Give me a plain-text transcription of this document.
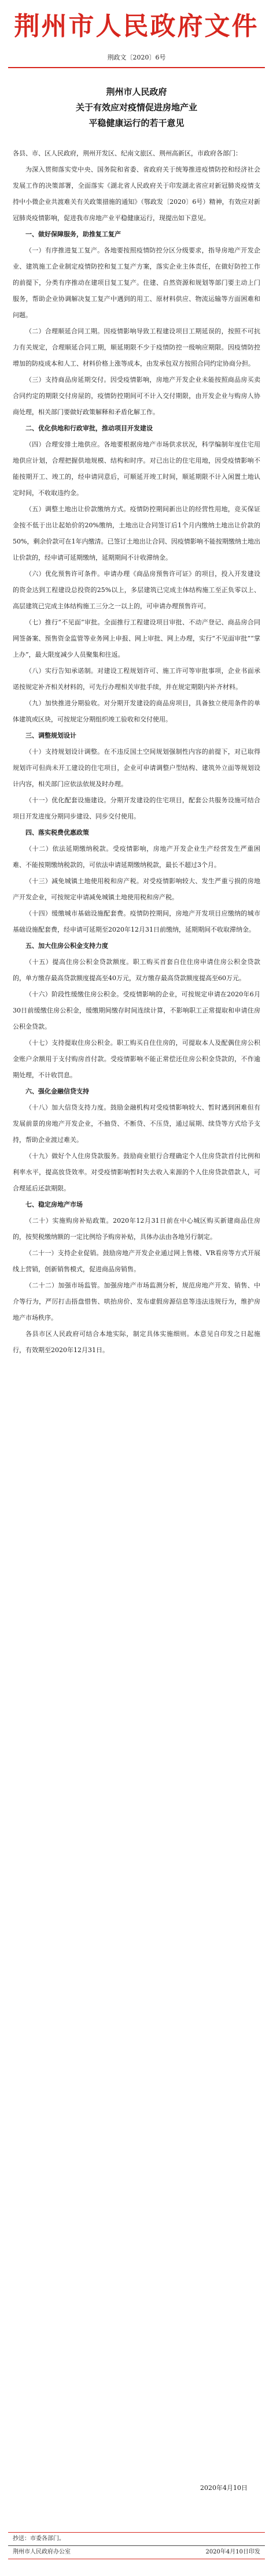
荆州市人民政府文件
荆政文〔2020〕6号
荆州市人民政府
关于有效应对疫情促进房地产业
平稳健康运行的若干意见

各县、市、区人民政府，荆州开发区、纪南文旅区、荆州高新区，市政府各部门：

为深入贯彻落实党中央、国务院和省委、省政府关于统筹推进疫情防控和经济社会发展工作的决策部署，全面落实《湖北省人民政府关于印发湖北省应对新冠肺炎疫情支持中小微企业共渡难关有关政策措施的通知》（鄂政发〔2020〕6号）精神，有效应对新冠肺炎疫情影响，促进我市房地产业平稳健康运行，现提出如下意见。

一、做好保障服务，助推复工复产

（一）有序推进复工复产。各地要按照疫情防控分区分级要求，指导房地产开发企业、建筑施工企业制定疫情防控和复工复产方案，落实企业主体责任，在做好防控工作的前提下，分类有序推动在建项目复工复产。住建、自然资源和规划等部门要主动上门服务，帮助企业协调解决复工复产中遇到的用工、原材料供应、物流运输等方面困难和问题。

（二）合理顺延合同工期。因疫情影响导致工程建设项目工期延误的，按照不可抗力有关规定，合理顺延合同工期，顺延期限不少于疫情防控一级响应期限。因疫情防控增加的防疫成本和人工、材料价格上涨等成本，由发承包双方按照合同约定协商分担。

（三）支持商品房延期交付。因受疫情影响，房地产开发企业未能按照商品房买卖合同约定的期限交付房屋的，疫情防控期间可不计入交付期限，由开发企业与购房人协商处理，相关部门要做好政策解释和矛盾化解工作。

二、优化供地和行政审批，推动项目开发建设

（四）合理安排土地供应。各地要根据房地产市场供求状况，科学编制年度住宅用地供应计划，合理把握供地规模、结构和时序。对已出让的住宅用地，因受疫情影响不能按期开工、竣工的，经申请同意后，可顺延开竣工时间，顺延期限不计入闲置土地认定时间，不收取违约金。

（五）调整土地出让价款缴纳方式。疫情防控期间新出让的经营性用地，竞买保证金按不低于出让起始价的20%缴纳，土地出让合同签订后1个月内缴纳土地出让价款的50%，剩余价款可在1年内缴清。已签订土地出让合同、因疫情影响不能按期缴纳土地出让价款的，经申请可延期缴纳，延期期间不计收滞纳金。

（六）优化预售许可条件。申请办理《商品房预售许可证》的项目，投入开发建设的资金达到工程建设总投资的25%以上，多层建筑已完成主体结构施工至正负零以上、高层建筑已完成主体结构施工三分之一以上的，可申请办理预售许可。

（七）推行“不见面”审批。全面推行工程建设项目审批、不动产登记、商品房合同网签备案、预售资金监管等业务网上申报、网上审批、网上办理，实行“不见面审批”“掌上办”，最大限度减少人员聚集和往返。

（八）实行告知承诺制。对建设工程规划许可、施工许可等审批事项，企业书面承诺按规定补齐相关材料的，可先行办理相关审批手续，并在规定期限内补齐材料。

（九）加快推进分期验收。对分期开发建设的商品房项目，具备独立使用条件的单体建筑或区块，可按规定分期组织竣工验收和交付使用。

三、调整规划设计

（十）支持规划设计调整。在不违反国土空间规划强制性内容的前提下，对已取得规划许可但尚未开工建设的住宅项目，企业可申请调整户型结构、建筑外立面等规划设计内容，相关部门应依法依规及时办理。

（十一）优化配套设施建设。分期开发建设的住宅项目，配套公共服务设施可结合项目开发进度分期同步建设、同步交付使用。

四、落实税费优惠政策

（十二）依法延期缴纳税款。受疫情影响，房地产开发企业生产经营发生严重困难、不能按期缴纳税款的，可依法申请延期缴纳税款，最长不超过3个月。

（十三）减免城镇土地使用税和房产税。对受疫情影响较大、发生严重亏损的房地产开发企业，可按规定申请减免城镇土地使用税和房产税。

（十四）缓缴城市基础设施配套费。疫情防控期间，房地产开发项目应缴纳的城市基础设施配套费，经申请可延期至2020年12月31日前缴纳，延期期间不收取滞纳金。

五、加大住房公积金支持力度

（十五）提高住房公积金贷款额度。职工购买首套自住住房申请住房公积金贷款的，单方缴存最高贷款额度提高至40万元，双方缴存最高贷款额度提高至60万元。

（十六）阶段性缓缴住房公积金。受疫情影响的企业，可按规定申请在2020年6月30日前缓缴住房公积金，缓缴期间缴存时间连续计算，不影响职工正常提取和申请住房公积金贷款。

（十七）支持提取住房公积金。职工购买自住住房的，可提取本人及配偶住房公积金账户余额用于支付购房首付款。受疫情影响不能正常偿还住房公积金贷款的，不作逾期处理，不计收罚息。

六、强化金融信贷支持

（十八）加大信贷支持力度。鼓励金融机构对受疫情影响较大、暂时遇到困难但有发展前景的房地产开发企业，不抽贷、不断贷、不压贷，通过展期、续贷等方式给予支持，帮助企业渡过难关。

（十九）做好个人住房贷款服务。鼓励商业银行合理确定个人住房贷款首付比例和利率水平，提高放贷效率。对受疫情影响暂时失去收入来源的个人住房贷款借款人，可合理延后还款期限。

七、稳定房地产市场

（二十）实施购房补贴政策。2020年12月31日前在中心城区购买新建商品住房的，按契税缴纳额的一定比例给予购房补贴，具体办法由各地另行制定。

（二十一）支持企业促销。鼓励房地产开发企业通过网上售楼、VR看房等方式开展线上营销，创新销售模式，促进商品房销售。

（二十二）加强市场监管。加强房地产市场监测分析，规范房地产开发、销售、中介等行为，严厉打击捂盘惜售、哄抬房价、发布虚假房源信息等违法违规行为，维护房地产市场秩序。

各县市区人民政府可结合本地实际，制定具体实施细则。本意见自印发之日起施行，有效期至2020年12月31日。

2020年4月10日
抄送：市委各部门。
荆州市人民政府办公室	2020年4月10日印发
